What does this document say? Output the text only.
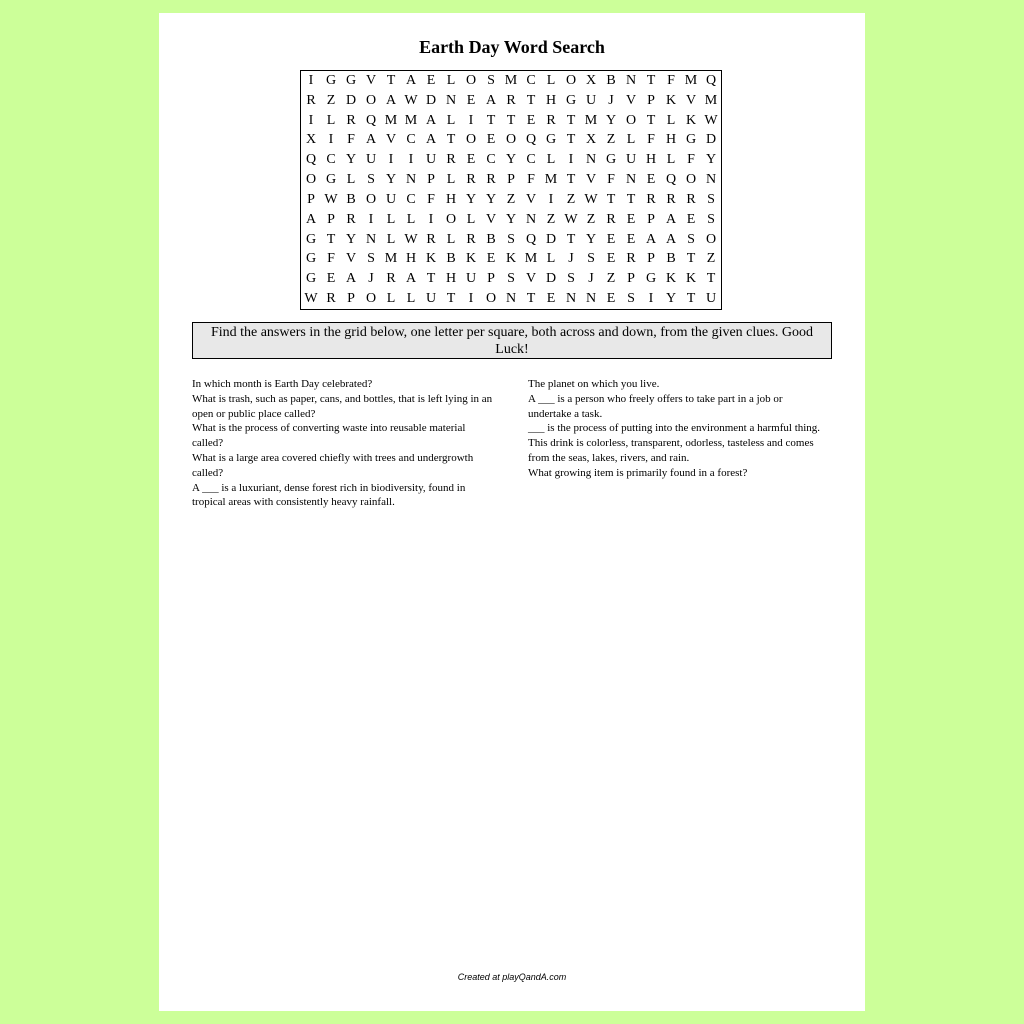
Earth Day Word Search
I G G V T A E L O S M C L O X B N T F M Q
R Z D O A W D N E A R T H G U J V P K V M
I L R Q M M A L I T T E R T M Y O T L K W
X I F A V C A T O E O Q G T X Z L F H G D
Q C Y U I	I U R E C Y C L I N G U H L F Y
O G L S Y N P L R R P F M T V F N E Q O N
P W B O U C F H Y Y Z V I Z W T T R R R S
A P R I L L I O L V Y N Z W Z R E P A E S
G T Y N L W R L R B S Q D T Y E E A A S O
G F V S M H K B K E K M L J S E R P B T Z
G E A J R A T H U P S V D S J Z P G K K T
W R P O L L U T I O N T E N N E S I Y T U
Find the answers in the grid below, one letter per square, both across and down, from the given clues. Good Luck!

In which month is Earth Day celebrated?

What is trash, such as paper, cans, and bottles, that is left lying in an open or public place called?

What is the process of converting waste into reusable material called?

What is a large area covered chiefly with trees and undergrowth called?

A ___ is a luxuriant, dense forest rich in biodiversity, found in tropical areas with consistently heavy rainfall.

The planet on which you live.

A ___ is a person who freely offers to take part in a job or undertake a task.

___ is the process of putting into the environment a harmful thing.

This drink is colorless, transparent, odorless, tasteless and comes from the seas, lakes, rivers, and rain.

What growing item is primarily found in a forest?

Created at playQandA.com
